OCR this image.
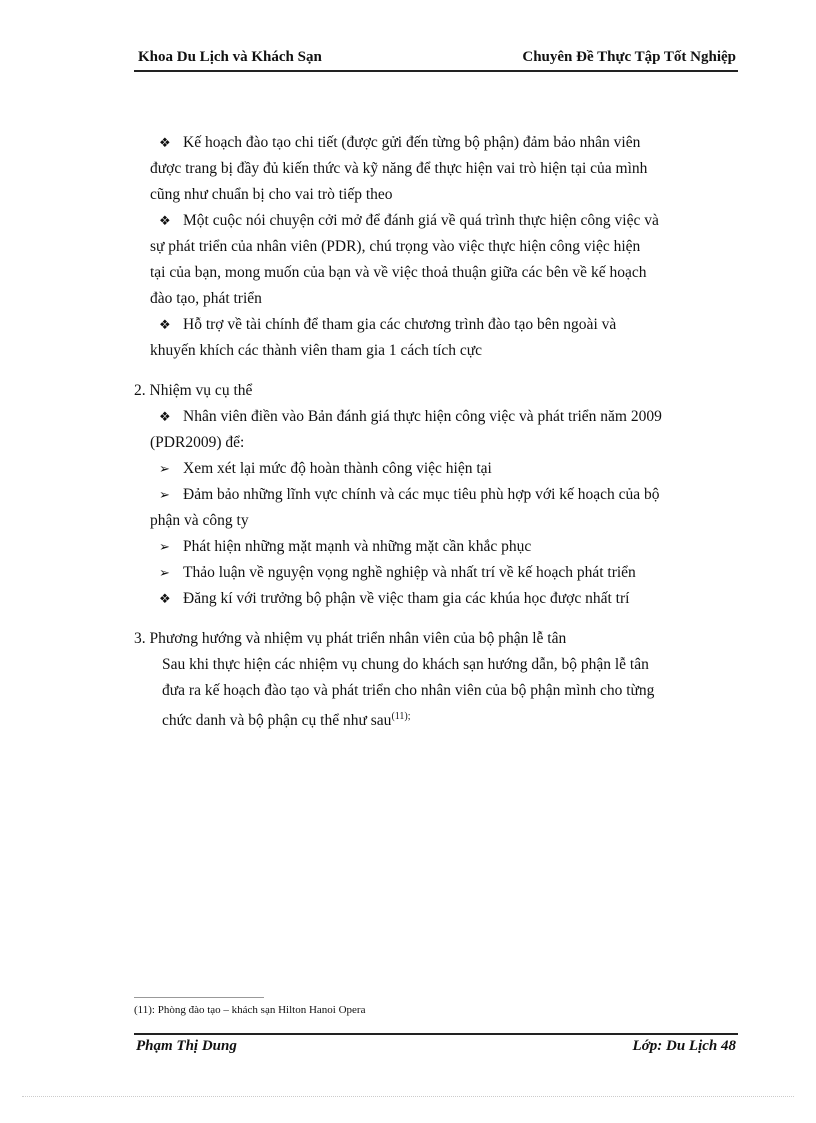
Khoa Du Lịch và Khách Sạn	Chuyên Đề Thực Tập Tốt Nghiệp
❖ Kế hoạch đào tạo chi tiết (được gửi đến từng bộ phận) đảm bảo nhân viên
được trang bị đầy đủ kiến thức và kỹ năng để thực hiện vai trò hiện tại của mình
cũng như chuẩn bị cho vai trò tiếp theo
❖ Một cuộc nói chuyện cởi mở để đánh giá về quá trình thực hiện công việc và
sự phát triển của nhân viên (PDR), chú trọng vào việc thực hiện công việc hiện
tại của bạn, mong muốn của bạn và về việc thoả thuận giữa các bên về kế hoạch
đào tạo, phát triển
❖ Hỗ trợ về tài chính để tham gia các chương trình đào tạo bên ngoài và
khuyến khích các thành viên tham gia 1 cách tích cực
2. Nhiệm vụ cụ thể
❖ Nhân viên điền vào Bản đánh giá thực hiện công việc và phát triển năm 2009
(PDR2009) để:
➢ Xem xét lại mức độ hoàn thành công việc hiện tại
➢ Đảm bảo những lĩnh vực chính và các mục tiêu phù hợp với kế hoạch của bộ
phận và công ty
➢ Phát hiện những mặt mạnh và những mặt cần khắc phục
➢ Thảo luận về nguyện vọng nghề nghiệp và nhất trí về kế hoạch phát triển
❖ Đăng kí với trưởng bộ phận về việc tham gia các khúa học được nhất trí
3. Phương hướng và nhiệm vụ phát triển nhân viên của bộ phận lễ tân
Sau khi thực hiện các nhiệm vụ chung do khách sạn hướng dẫn, bộ phận lễ tân
đưa ra kế hoạch đào tạo và phát triển cho nhân viên của bộ phận mình cho từng
chức danh và bộ phận cụ thể như sau$^{(11);}$
(11): Phòng đào tạo – khách sạn Hilton Hanoi Opera
Phạm Thị Dung	Lớp: Du Lịch 48
